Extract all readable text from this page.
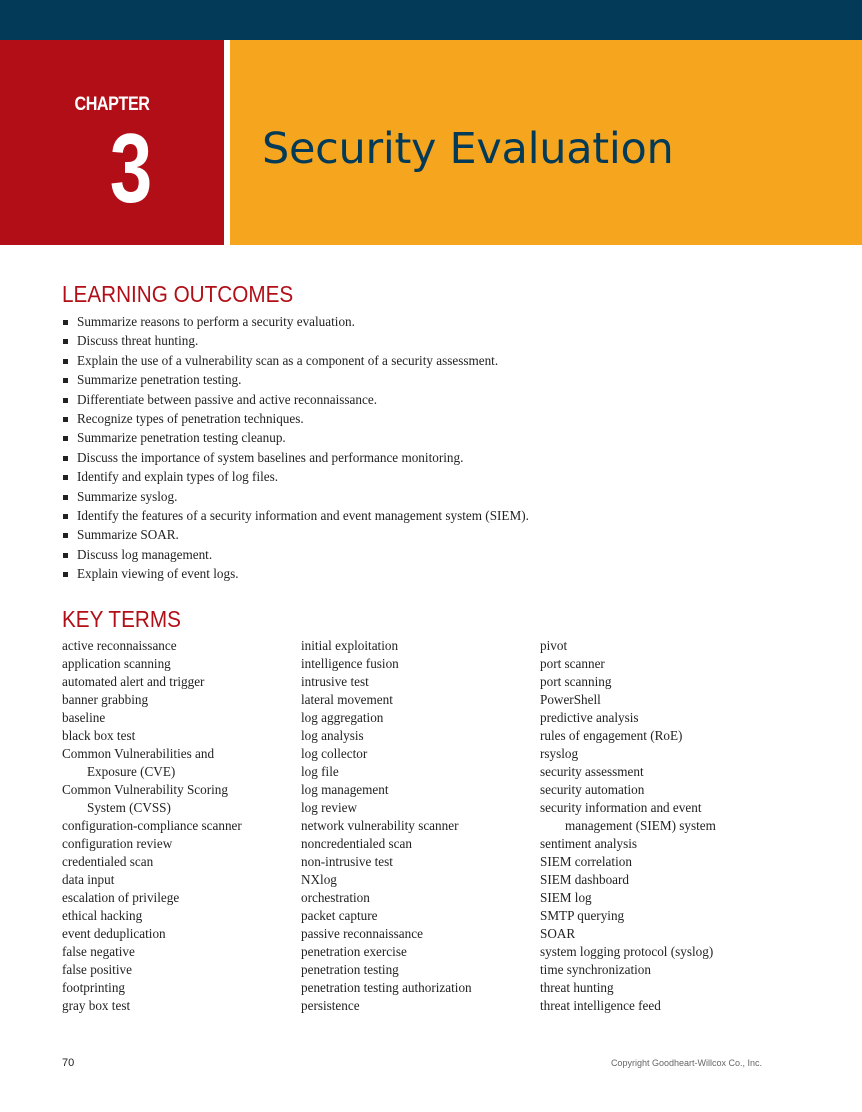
CHAPTER
3	Security Evaluation
LEARNING OUTCOMES
Summarize reasons to perform a security evaluation.
Discuss threat hunting.
Explain the use of a vulnerability scan as a component of a security assessment.
Summarize penetration testing.
Differentiate between passive and active reconnaissance.
Recognize types of penetration techniques.
Summarize penetration testing cleanup.
Discuss the importance of system baselines and performance monitoring.
Identify and explain types of log files.
Summarize syslog.
Identify the features of a security information and event management system (SIEM).
Summarize SOAR.
Discuss log management.
Explain viewing of event logs.
KEY TERMS
active reconnaissance
application scanning
automated alert and trigger
banner grabbing
baseline
black box test
Common Vulnerabilities and
Exposure (CVE)
Common Vulnerability Scoring
System (CVSS)
configuration-compliance scanner
configuration review
credentialed scan
data input
escalation of privilege
ethical hacking
event deduplication
false negative
false positive
footprinting
gray box test
initial exploitation
intelligence fusion
intrusive test
lateral movement
log aggregation
log analysis
log collector
log file
log management
log review
network vulnerability scanner
noncredentialed scan
non-intrusive test
NXlog
orchestration
packet capture
passive reconnaissance
penetration exercise
penetration testing
penetration testing authorization
persistence
pivot
port scanner
port scanning
PowerShell
predictive analysis
rules of engagement (RoE)
rsyslog
security assessment
security automation
security information and event
management (SIEM) system
sentiment analysis
SIEM correlation
SIEM dashboard
SIEM log
SMTP querying
SOAR
system logging protocol (syslog)
time synchronization
threat hunting
threat intelligence feed
70	Copyright Goodheart-Willcox Co., Inc.
